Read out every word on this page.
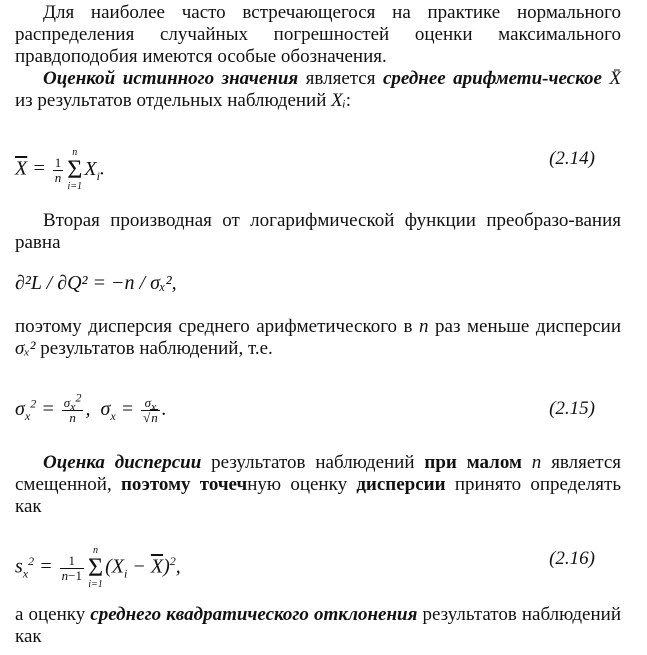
Для наиболее часто встречающегося на практике нормального распределения случайных погрешностей оценки максимального правдоподобия имеются особые обозначения.

Оценкой истинного значения является среднее арифмети-ческое X̄ из результатов отдельных наблюдений Xᵢ:

$\overline{X} = \frac{1}{n}$
n
Σ
i=1
$X_i$.	(2.14)

Вторая производная от логарифмической функции преобразо-вания равна

∂²L / ∂Q² = −n / σₓ²,

поэтому дисперсия среднего арифметического в n раз меньше дисперсии σₓ² результатов наблюдений, т.е.

$\sigma_x^2 = \frac{\sigma_x^2}{n}$ ,  $\sigma_x = \frac{\sigma_x}{√n}$ .	(2.15)

Оценка дисперсии результатов наблюдений при малом n является смещенной, поэтому точечную оценку дисперсии принято определять как

$s_x^2 = \frac{1}{n-1}$
n
Σ
i=1
$(X_i - \overline{X})^2$,	(2.16)

а оценку среднего квадратического отклонения результатов наблюдений как
